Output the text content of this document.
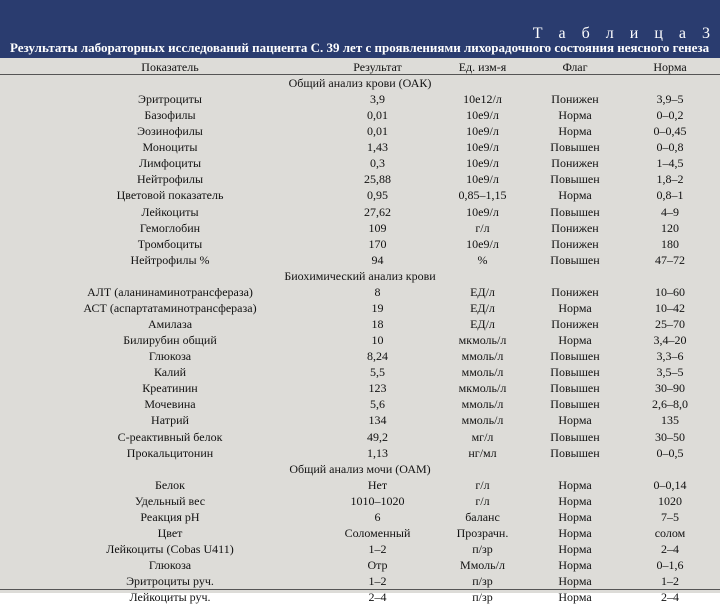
Т а б л и ц а 3
Результаты лабораторных исследований пациента С. 39 лет с проявлениями лихорадочного состояния неясного генеза
Показатель	Результат	Ед. изм-я	Флаг	Норма
Общий анализ крови (ОАК)
Эритроциты	3,9	10е12/л	Понижен	3,9–5
Базофилы	0,01	10е9/л	Норма	0–0,2
Эозинофилы	0,01	10е9/л	Норма	0–0,45
Моноциты	1,43	10е9/л	Повышен	0–0,8
Лимфоциты	0,3	10е9/л	Понижен	1–4,5
Нейтрофилы	25,88	10е9/л	Повышен	1,8–2
Цветовой показатель	0,95	0,85–1,15	Норма	0,8–1
Лейкоциты	27,62	10е9/л	Повышен	4–9
Гемоглобин	109	г/л	Понижен	120
Тромбоциты	170	10е9/л	Понижен	180
Нейтрофилы %	94	%	Повышен	47–72
Биохимический анализ крови
АЛТ (аланинаминотрансфераза)	8	ЕД/л	Понижен	10–60
АСТ (аспартатаминотрансфераза)	19	ЕД/л	Норма	10–42
Амилаза	18	ЕД/л	Понижен	25–70
Билирубин общий	10	мкмоль/л	Норма	3,4–20
Глюкоза	8,24	ммоль/л	Повышен	3,3–6
Калий	5,5	ммоль/л	Повышен	3,5–5
Креатинин	123	мкмоль/л	Повышен	30–90
Мочевина	5,6	ммоль/л	Повышен	2,6–8,0
Натрий	134	ммоль/л	Норма	135
С-реактивный белок	49,2	мг/л	Повышен	30–50
Прокальцитонин	1,13	нг/мл	Повышен	0–0,5
Общий анализ мочи (ОАМ)
Белок	Нет	г/л	Норма	0–0,14
Удельный вес	1010–1020	г/л	Норма	1020
Реакция рН	6	баланс	Норма	7–5
Цвет	Соломенный	Прозрачн.	Норма	солом
Лейкоциты (Cobas U411)	1–2	п/зр	Норма	2–4
Глюкоза	Отр	Ммоль/л	Норма	0–1,6
Эритроциты руч.	1–2	п/зр	Норма	1–2
Лейкоциты руч.	2–4	п/зр	Норма	2–4
